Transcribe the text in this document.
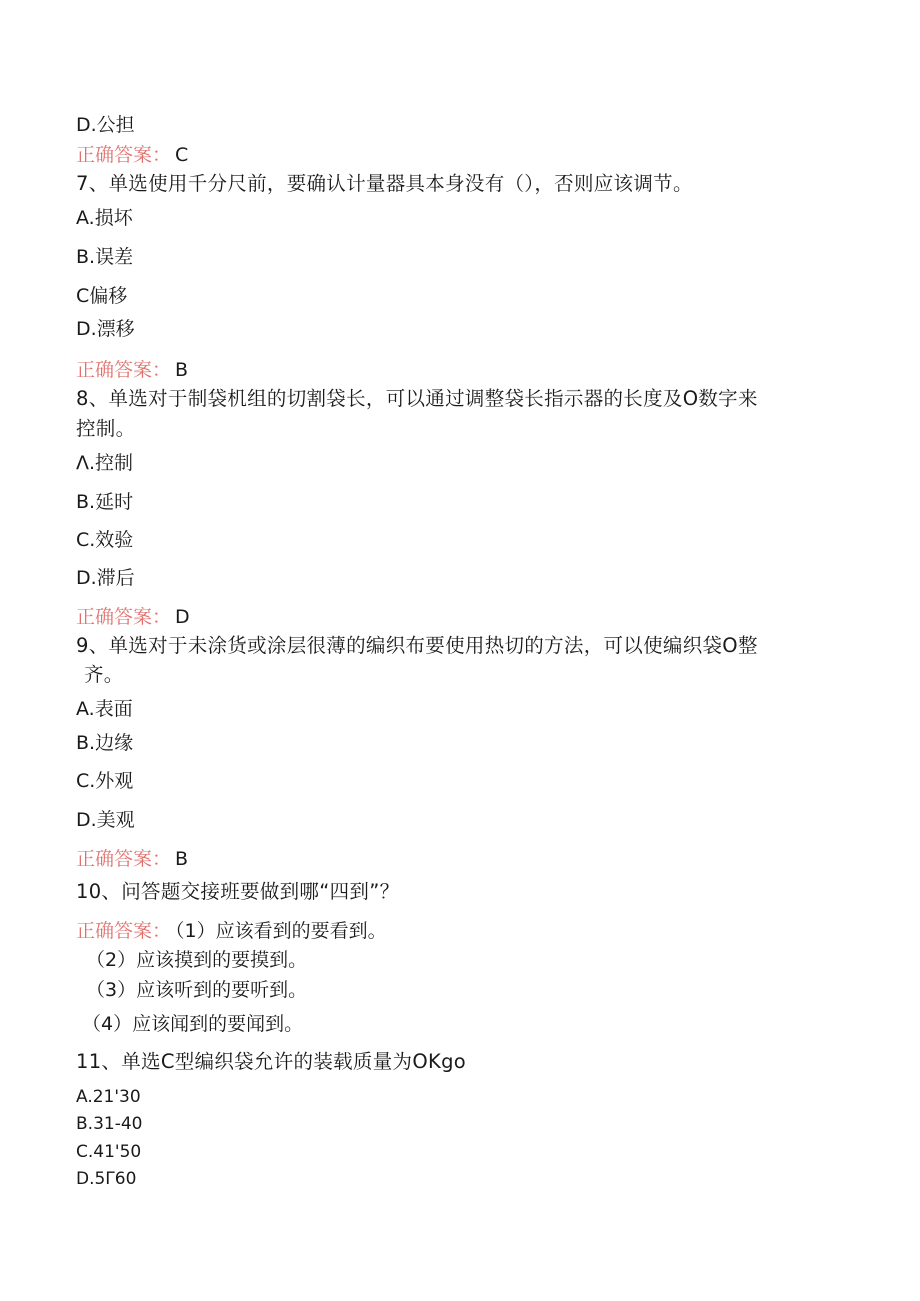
D.公担
正确答案： C
7、单选使用千分尺前，要确认计量器具本身没有（），否则应该调节。
A.损坏
B.误差
C偏移
D.漂移
正确答案： B
8、单选对于制袋机组的切割袋长，可以通过调整袋长指示器的长度及O数字来
控制。
Λ.控制
B.延时
C.效验
D.滞后
正确答案： D
9、单选对于未涂货或涂层很薄的编织布要使用热切的方法，可以使编织袋O整
齐。
A.表面
B.边缘
C.外观
D.美观
正确答案： B
10、问答题交接班要做到哪“四到”？
正确答案： （1）应该看到的要看到。
（2）应该摸到的要摸到。
（3）应该听到的要听到。
（4）应该闻到的要闻到。
11、单选C型编织袋允许的装载质量为OKgo
A.21'30
B.31-40
C.41'50
D.5Γ60
